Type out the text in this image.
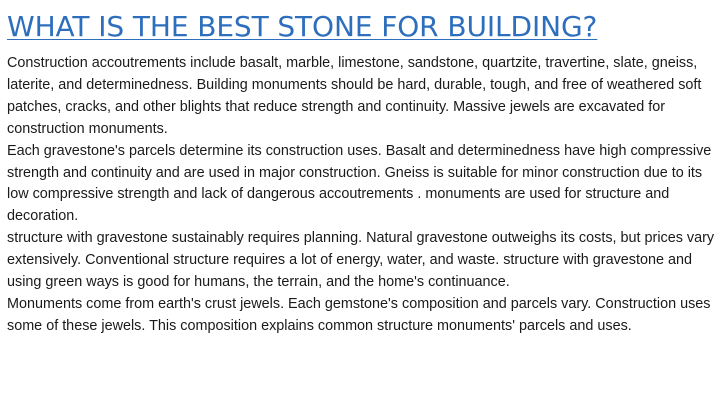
WHAT IS THE BEST STONE FOR BUILDING?

Construction accoutrements include basalt, marble, limestone, sandstone, quartzite, travertine, slate, gneiss, laterite, and determinedness. Building monuments should be hard, durable, tough, and free of weathered soft patches, cracks, and other blights that reduce strength and continuity. Massive jewels are excavated for construction monuments.

Each gravestone's parcels determine its construction uses. Basalt and determinedness have high compressive strength and continuity and are used in major construction. Gneiss is suitable for minor construction due to its low compressive strength and lack of dangerous accoutrements . monuments are used for structure and decoration.

structure with gravestone sustainably requires planning. Natural gravestone outweighs its costs, but prices vary extensively. Conventional structure requires a lot of energy, water, and waste. structure with gravestone and using green ways is good for humans, the terrain, and the home's continuance.

Monuments come from earth's crust jewels. Each gemstone's composition and parcels vary. Construction uses some of these jewels. This composition explains common structure monuments' parcels and uses.
